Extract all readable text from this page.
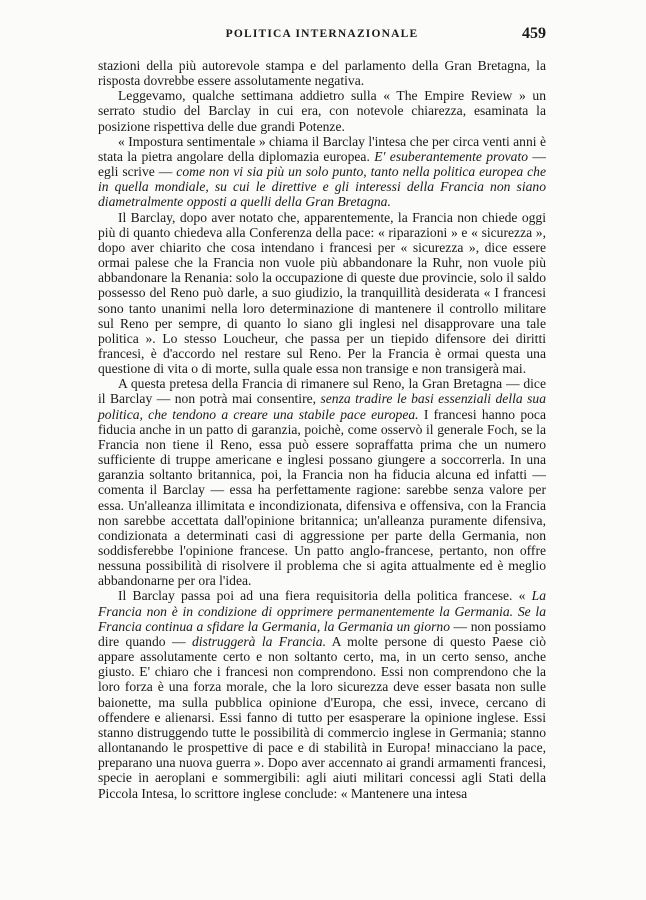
POLITICA INTERNAZIONALE	459

stazioni della più autorevole stampa e del parlamento della Gran Bretagna, la risposta dovrebbe essere assolutamente negativa.

Leggevamo, qualche settimana addietro sulla « The Empire Review » un serrato studio del Barclay in cui era, con notevole chiarezza, esaminata la posizione rispettiva delle due grandi Potenze.

« Impostura sentimentale » chiama il Barclay l'intesa che per circa venti anni è stata la pietra angolare della diplomazia europea. E' esuberantemente provato — egli scrive — come non vi sia più un solo punto, tanto nella politica europea che in quella mondiale, su cui le direttive e gli interessi della Francia non siano diametralmente opposti a quelli della Gran Bretagna.

Il Barclay, dopo aver notato che, apparentemente, la Francia non chiede oggi più di quanto chiedeva alla Conferenza della pace: « riparazioni » e « sicurezza », dopo aver chiarito che cosa intendano i francesi per « sicurezza », dice essere ormai palese che la Francia non vuole più abbandonare la Ruhr, non vuole più abbandonare la Renania: solo la occupazione di queste due provincie, solo il saldo possesso del Reno può darle, a suo giudizio, la tranquillità desiderata « I francesi sono tanto unanimi nella loro determinazione di mantenere il controllo militare sul Reno per sempre, di quanto lo siano gli inglesi nel disapprovare una tale politica ». Lo stesso Loucheur, che passa per un tiepido difensore dei diritti francesi, è d'accordo nel restare sul Reno. Per la Francia è ormai questa una questione di vita o di morte, sulla quale essa non transige e non transigerà mai.

A questa pretesa della Francia di rimanere sul Reno, la Gran Bretagna — dice il Barclay — non potrà mai consentire, senza tradire le basi essenziali della sua politica, che tendono a creare una stabile pace europea. I francesi hanno poca fiducia anche in un patto di garanzia, poichè, come osservò il generale Foch, se la Francia non tiene il Reno, essa può essere sopraffatta prima che un numero sufficiente di truppe americane e inglesi possano giungere a soccorrerla. In una garanzia soltanto britannica, poi, la Francia non ha fiducia alcuna ed infatti — comenta il Barclay — essa ha perfettamente ragione: sarebbe senza valore per essa. Un'alleanza illimitata e incondizionata, difensiva e offensiva, con la Francia non sarebbe accettata dall'opinione britannica; un'alleanza puramente difensiva, condizionata a determinati casi di aggressione per parte della Germania, non soddisferebbe l'opinione francese. Un patto anglo-francese, pertanto, non offre nessuna possibilità di risolvere il problema che si agita attualmente ed è meglio abbandonarne per ora l'idea.

Il Barclay passa poi ad una fiera requisitoria della politica francese. « La Francia non è in condizione di opprimere permanentemente la Germania. Se la Francia continua a sfidare la Germania, la Germania un giorno — non possiamo dire quando — distruggerà la Francia. A molte persone di questo Paese ciò appare assolutamente certo e non soltanto certo, ma, in un certo senso, anche giusto. E' chiaro che i francesi non comprendono. Essi non comprendono che la loro forza è una forza morale, che la loro sicurezza deve esser basata non sulle baionette, ma sulla pubblica opinione d'Europa, che essi, invece, cercano di offendere e alienarsi. Essi fanno di tutto per esasperare la opinione inglese. Essi stanno distruggendo tutte le possibilità di commercio inglese in Germania; stanno allontanando le prospettive di pace e di stabilità in Europa! minacciano la pace, preparano una nuova guerra ». Dopo aver accennato ai grandi armamenti francesi, specie in aeroplani e sommergibili: agli aiuti militari concessi agli Stati della Piccola Intesa, lo scrittore inglese conclude: « Mantenere una intesa
